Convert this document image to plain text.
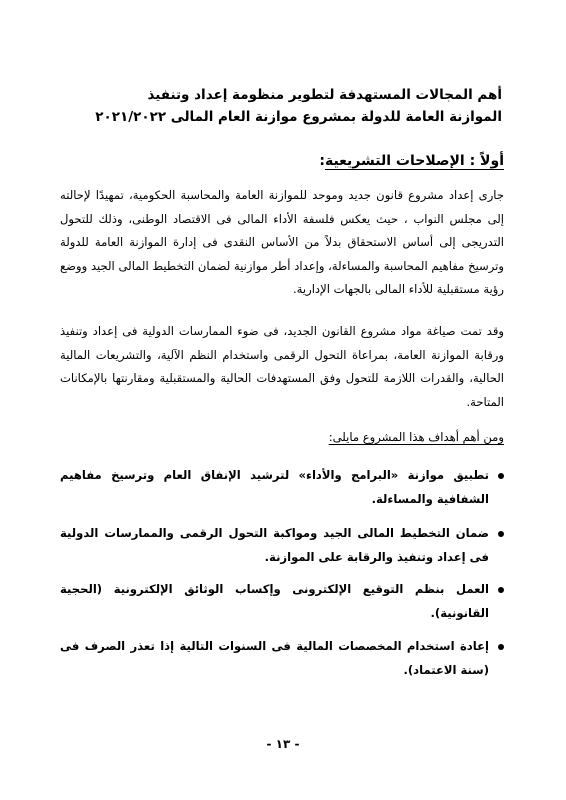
أهم المجالات المستهدفة لتطوير منظومة إعداد وتنفيذ
الموازنة العامة للدولة بمشروع موازنة العام المالى ٢٠٢١/٢٠٢٢
أولاً : الإصلاحات التشريعية:
جارى إعداد مشروع قانون جديد وموحد للموازنة العامة والمحاسبة الحكومية، تمهيدًا لإحالته إلى مجلس النواب ، حيث يعكس فلسفة الأداء المالى فى الاقتصاد الوطنى، وذلك للتحول التدريجى إلى أساس الاستحقاق بدلاً من الأساس النقدى فى إدارة الموازنة العامة للدولة وترسيخ مفاهيم المحاسبة والمساءلة، وإعداد أطر موازنية لضمان التخطيط المالى الجيد ووضع رؤية مستقبلية للأداء المالى بالجهات الإدارية.
وقد تمت صياغة مواد مشروع القانون الجديد، فى ضوء الممارسات الدولية فى إعداد وتنفيذ ورقابة الموازنة العامة، بمراعاة التحول الرقمى واستخدام النظم الآلية، والتشريعات المالية الحالية، والقدرات اللازمة للتحول وفق المستهدفات الحالية والمستقبلية ومقارنتها بالإمكانات المتاحة.
ومن أهم أهداف هذا المشروع مايلى:
تطبيق موازنة «البرامج والأداء» لترشيد الإنفاق العام وترسيخ مفاهيم الشفافية والمساءلة.
ضمان التخطيط المالى الجيد ومواكبة التحول الرقمى والممارسات الدولية فى إعداد وتنفيذ والرقابة على الموازنة.
العمل بنظم التوقيع الإلكترونى وإكساب الوثائق الإلكترونية (الحجية القانونية).
إعادة استخدام المخصصات المالية فى السنوات التالية إذا تعذر الصرف فى (سنة الاعتماد).
- ١٣ -
